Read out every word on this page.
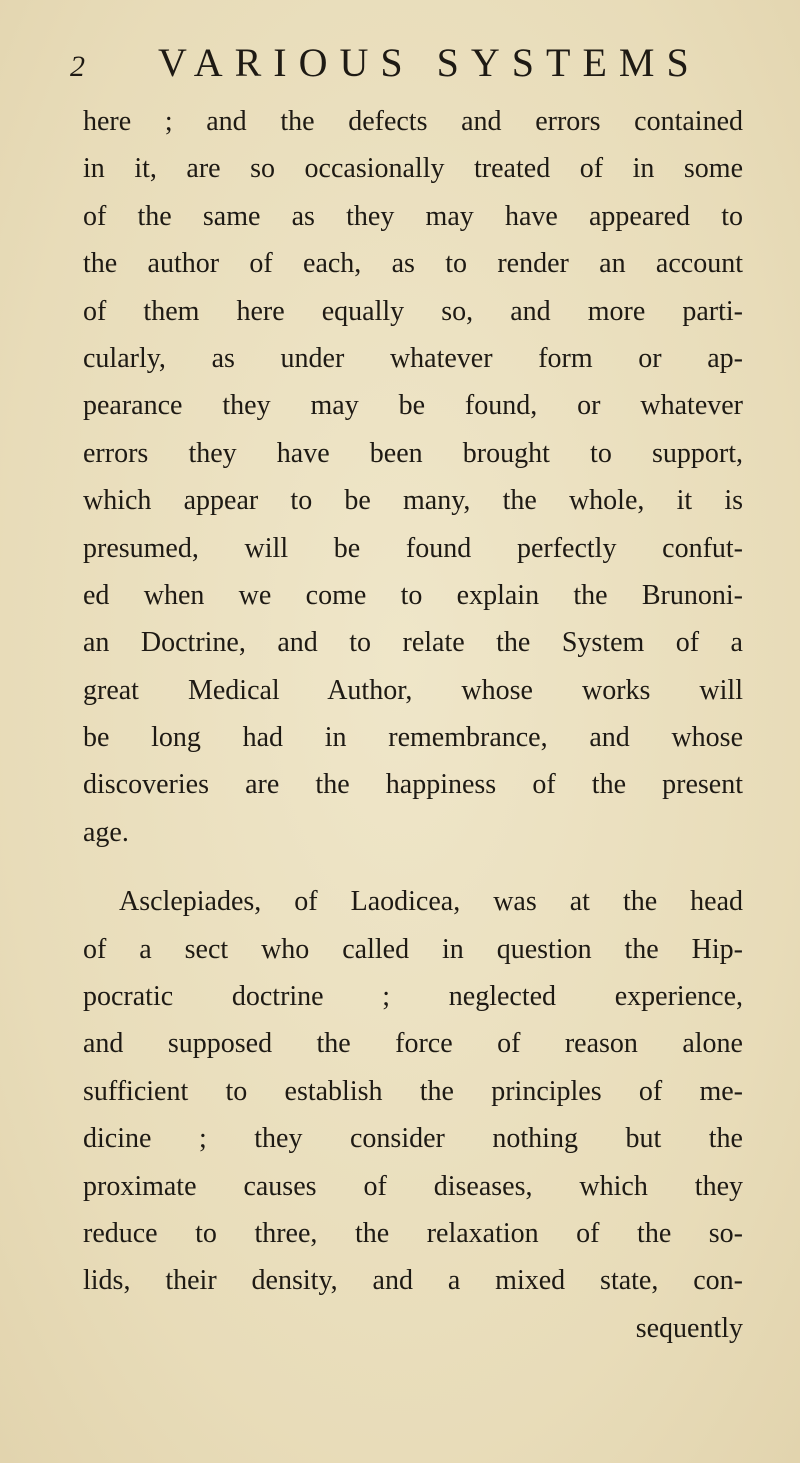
2 VARIOUS SYSTEMS
here ; and the defects and errors contained
in it, are so occasionally treated of in some
of the same as they may have appeared to
the author of each, as to render an account
of them here equally so, and more parti-
cularly, as under whatever form or ap-
pearance they may be found, or whatever
errors they have been brought to support,
which appear to be many, the whole, it is
presumed, will be found perfectly confut-
ed when we come to explain the Brunoni-
an Doctrine, and to relate the System of a
great Medical Author, whose works will
be long had in remembrance, and whose
discoveries are the happiness of the present
age.
Asclepiades, of Laodicea, was at the head
of a sect who called in question the Hip-
pocratic doctrine ; neglected experience,
and supposed the force of reason alone
sufficient to establish the principles of me-
dicine ; they consider nothing but the
proximate causes of diseases, which they
reduce to three, the relaxation of the so-
lids, their density, and a mixed state, con-
sequently
